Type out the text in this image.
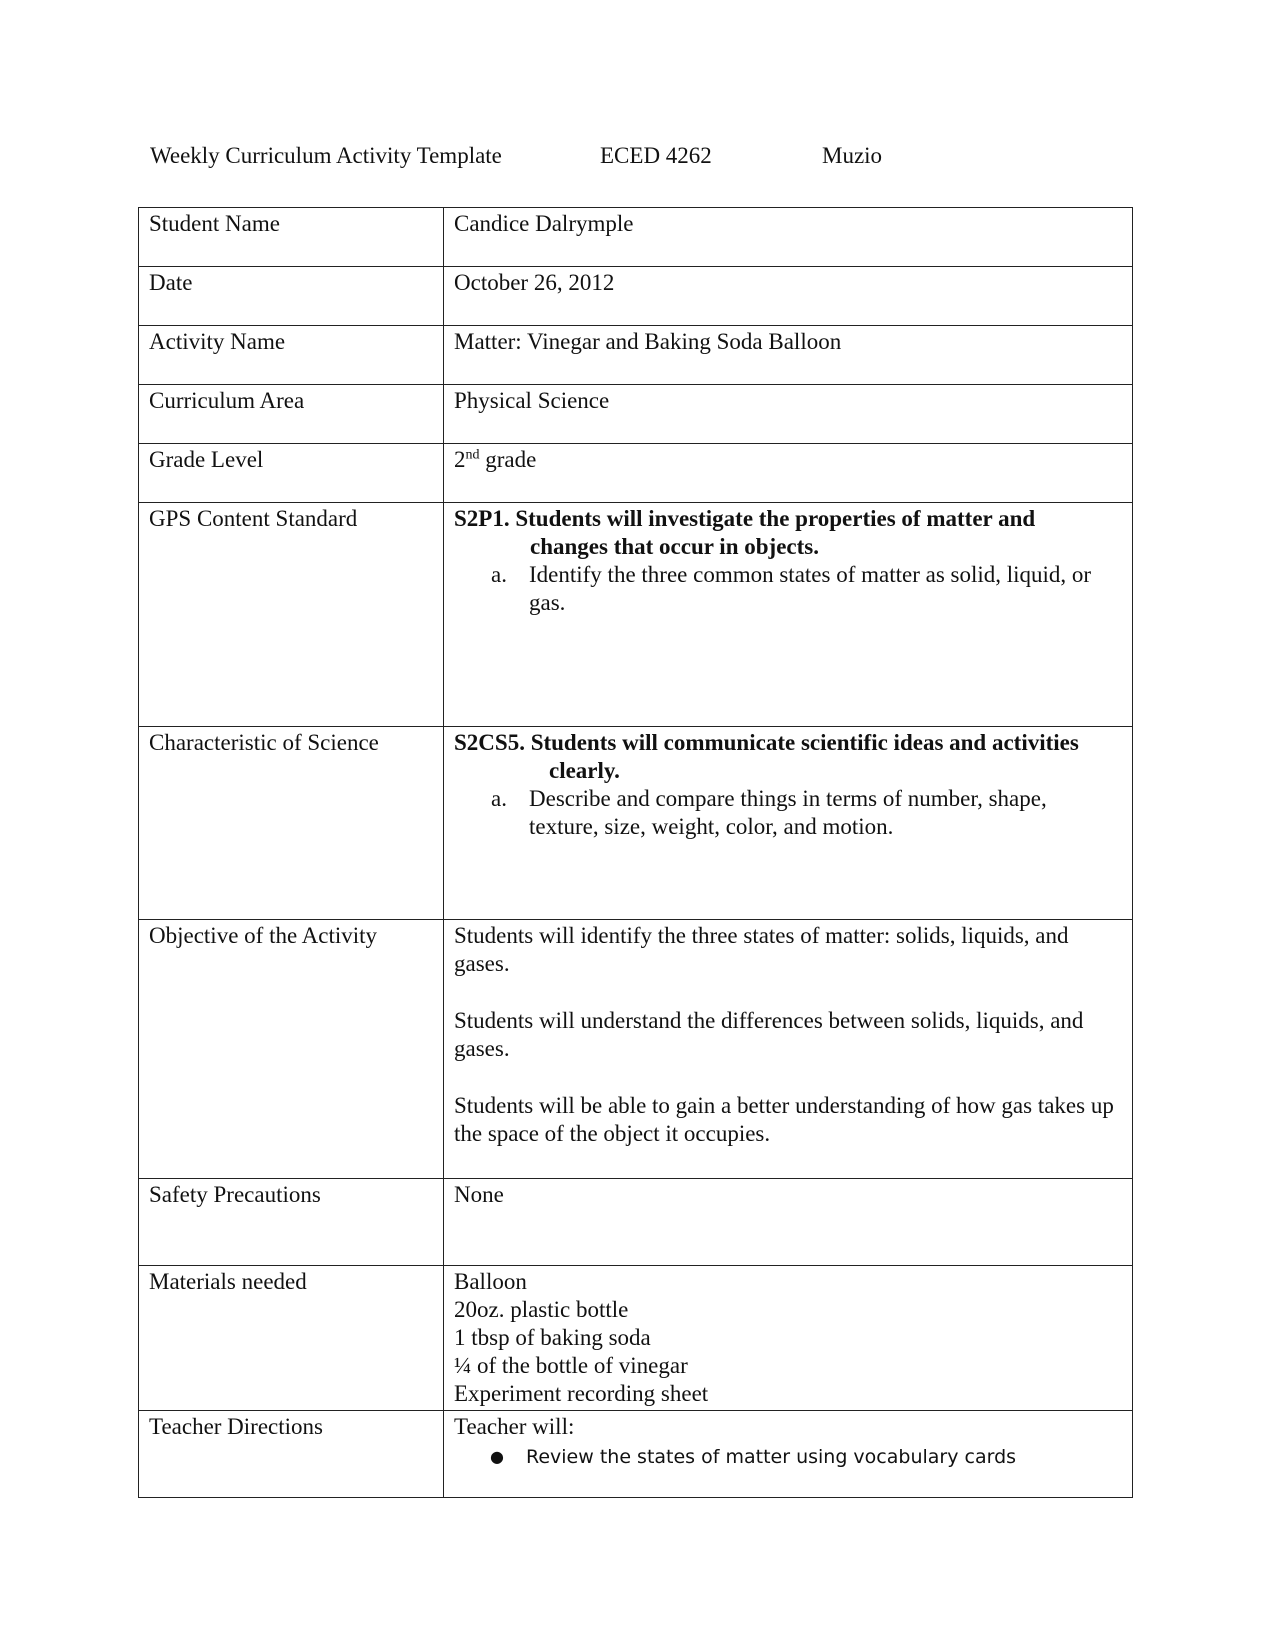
Weekly Curriculum Activity Template	ECED 4262	Muzio
Student Name	Candice Dalrymple
Date	October 26, 2012
Activity Name	Matter: Vinegar and Baking Soda Balloon
Curriculum Area	Physical Science
Grade Level	2nd grade
GPS Content Standard	S2P1. Students will investigate the properties of matter and
changes that occur in objects.
a. Identify the three common states of matter as solid, liquid, or gas.

Characteristic of Science	S2CS5. Students will communicate scientific ideas and activities
clearly.
a. Describe and compare things in terms of number, shape, texture, size, weight, color, and motion.

Objective of the Activity	Students will identify the three states of matter: solids, liquids, and gases.
Students will understand the differences between solids, liquids, and gases.
Students will be able to gain a better understanding of how gas takes up the space of the object it occupies.

Safety Precautions	None
Materials needed	Balloon
20oz. plastic bottle
1 tbsp of baking soda
¼ of the bottle of vinegar
Experiment recording sheet

Teacher Directions	Teacher will:
● Review the states of matter using vocabulary cards
